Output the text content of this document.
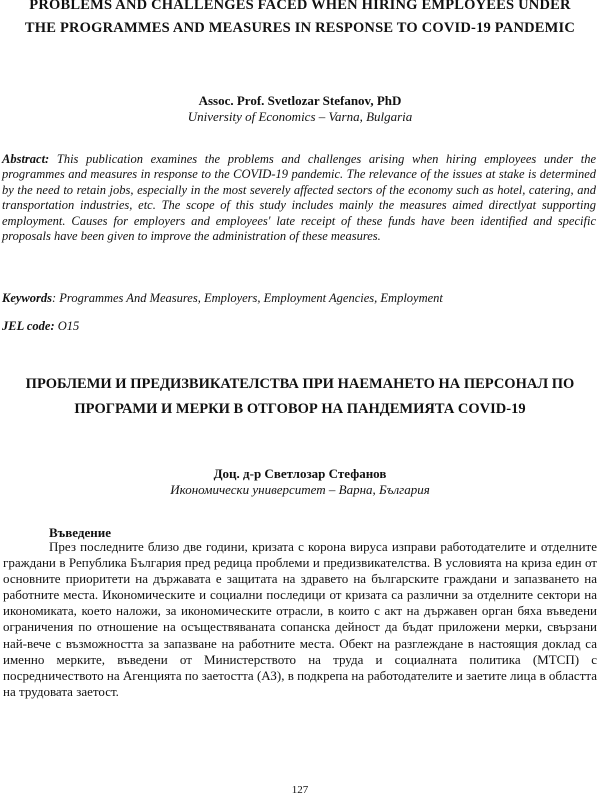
PROBLEMS AND CHALLENGES FACED WHEN HIRING EMPLOYEES UNDER THE PROGRAMMES AND MEASURES IN RESPONSE TO COVID-19 PANDEMIC
Assoc. Prof. Svetlozar Stefanov, PhD
University of Economics – Varna, Bulgaria
Abstract: This publication examines the problems and challenges arising when hiring employees under the programmes and measures in response to the COVID-19 pandemic. The relevance of the issues at stake is determined by the need to retain jobs, especially in the most severely affected sectors of the economy such as hotel, catering, and transportation industries, etc. The scope of this study includes mainly the measures aimed directlyat supporting employment. Causes for employers and employees' late receipt of these funds have been identified and specific proposals have been given to improve the administration of these measures.
Keywords: Programmes And Measures, Employers, Employment Agencies, Employment
JEL code: O15
ПРОБЛЕМИ И ПРЕДИЗВИКАТЕЛСТВА ПРИ НАЕМАНЕТО НА ПЕРСОНАЛ ПО ПРОГРАМИ И МЕРКИ В ОТГОВОР НА ПАНДЕМИЯТА COVID-19
Доц. д-р Светлозар Стефанов
Икономически университет – Варна, България
Въведение
През последните близо две години, кризата с корона вируса изправи работодателите и отделните граждани в Република България пред редица проблеми и предизвикателства. В условията на криза един от основните приоритети на държавата е защитата на здравето на българските граждани и запазването на работните места. Икономическите и социални последици от кризата са различни за отделните сектори на икономиката, което наложи, за икономическите отрасли, в които с акт на държавен орган бяха въведени ограничения по отношение на осъществяваната сопанска дейност да бъдат приложени мерки, свързани най-вече с възможността за запазване на работните места. Обект на разглеждане в настоящия доклад са именно мерките, въведени от Министерството на труда и социалната политика (МТСП) с посредничеството на Агенцията по заетостта (АЗ), в подкрепа на работодателите и заетите лица в областта на трудовата заетост.
127
